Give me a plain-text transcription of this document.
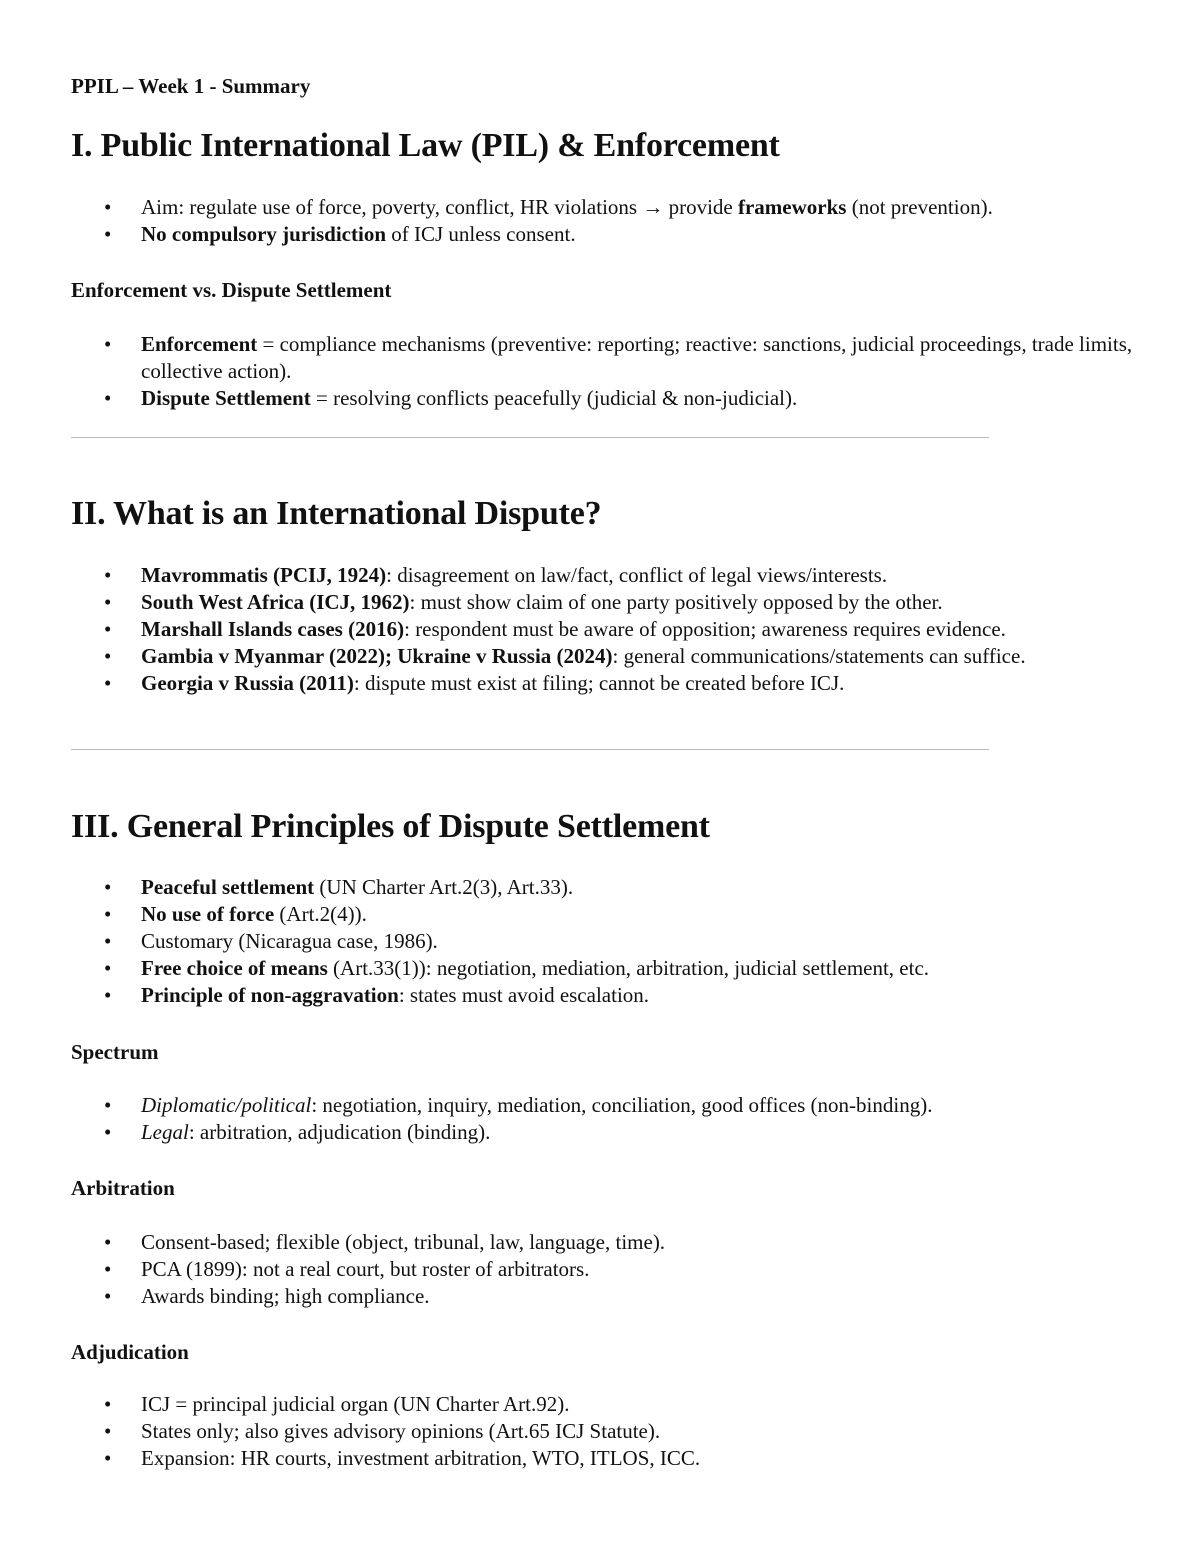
PPIL – Week 1 - Summary
I. Public International Law (PIL) & Enforcement
• Aim: regulate use of force, poverty, conflict, HR violations → provide frameworks (not prevention).
• No compulsory jurisdiction of ICJ unless consent.
Enforcement vs. Dispute Settlement
• Enforcement = compliance mechanisms (preventive: reporting; reactive: sanctions, judicial proceedings, trade limits, collective action).
• Dispute Settlement = resolving conflicts peacefully (judicial & non-judicial).
II. What is an International Dispute?
• Mavrommatis (PCIJ, 1924): disagreement on law/fact, conflict of legal views/interests.
• South West Africa (ICJ, 1962): must show claim of one party positively opposed by the other.
• Marshall Islands cases (2016): respondent must be aware of opposition; awareness requires evidence.
• Gambia v Myanmar (2022); Ukraine v Russia (2024): general communications/statements can suffice.
• Georgia v Russia (2011): dispute must exist at filing; cannot be created before ICJ.
III. General Principles of Dispute Settlement
• Peaceful settlement (UN Charter Art.2(3), Art.33).
• No use of force (Art.2(4)).
• Customary (Nicaragua case, 1986).
• Free choice of means (Art.33(1)): negotiation, mediation, arbitration, judicial settlement, etc.
• Principle of non-aggravation: states must avoid escalation.
Spectrum
• Diplomatic/political: negotiation, inquiry, mediation, conciliation, good offices (non-binding).
• Legal: arbitration, adjudication (binding).
Arbitration
• Consent-based; flexible (object, tribunal, law, language, time).
• PCA (1899): not a real court, but roster of arbitrators.
• Awards binding; high compliance.
Adjudication
• ICJ = principal judicial organ (UN Charter Art.92).
• States only; also gives advisory opinions (Art.65 ICJ Statute).
• Expansion: HR courts, investment arbitration, WTO, ITLOS, ICC.
